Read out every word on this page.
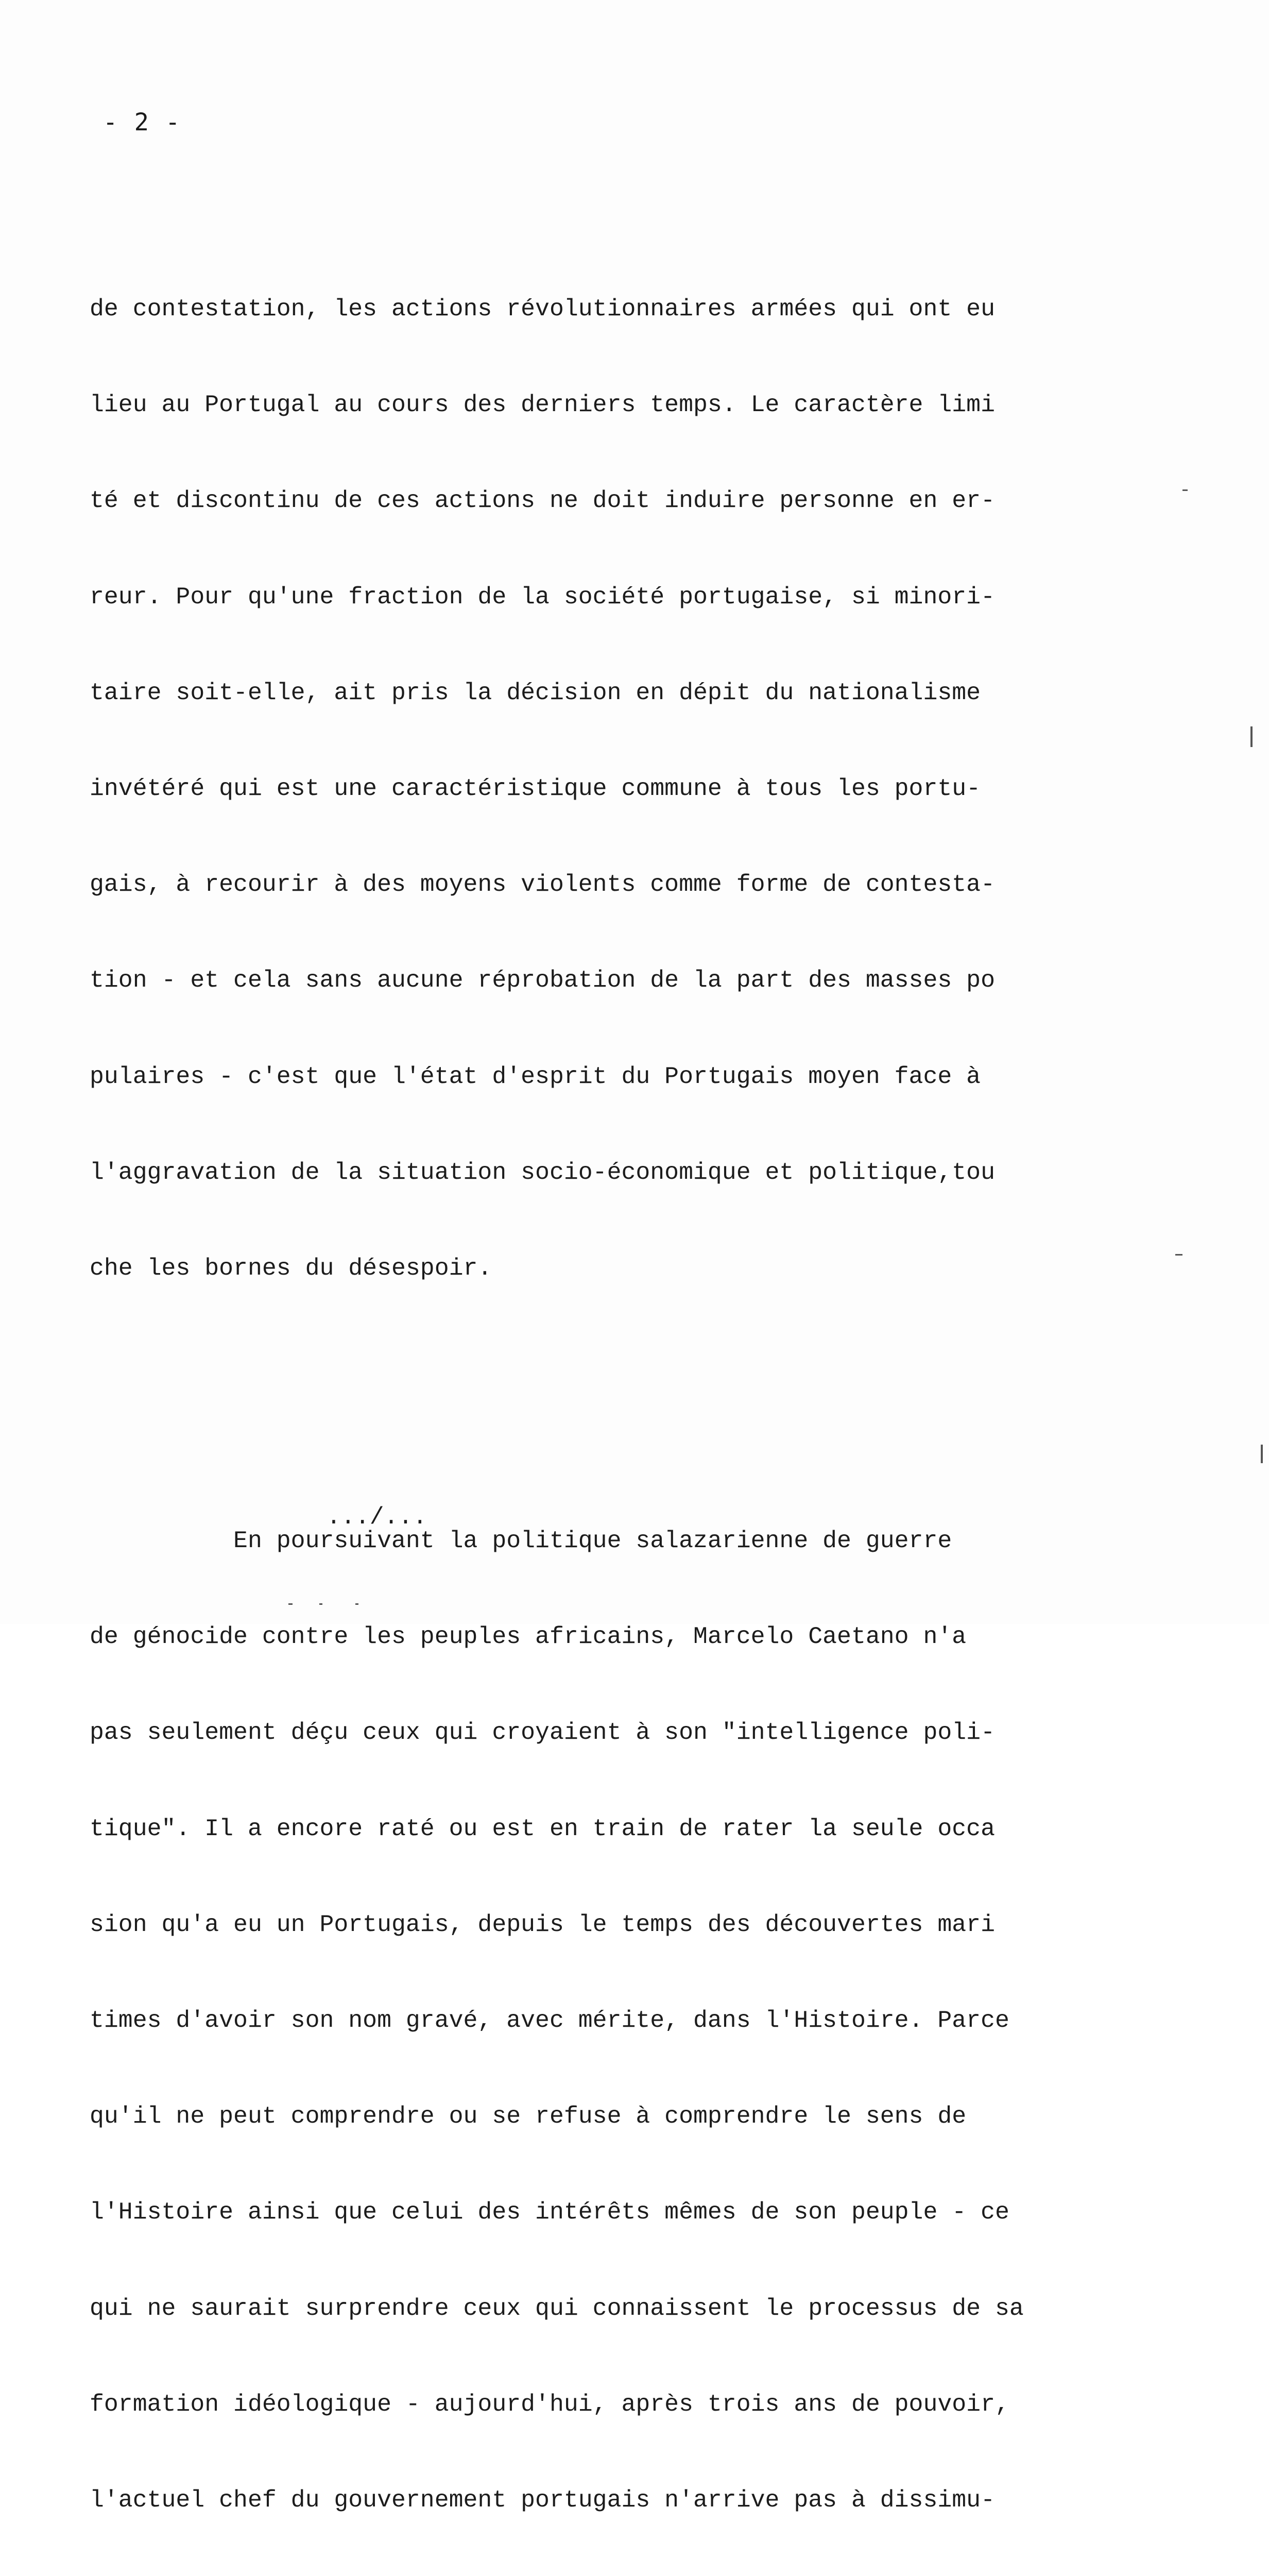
- 2 -

de contestation, les actions révolutionnaires armées qui ont eu

lieu au Portugal au cours des derniers temps. Le caractère limi

té et discontinu de ces actions ne doit induire personne en er-

reur. Pour qu'une fraction de la société portugaise, si minori-

taire soit-elle, ait pris la décision en dépit du nationalisme

invétéré qui est une caractéristique commune à tous les portu-

gais, à recourir à des moyens violents comme forme de contesta-

tion - et cela sans aucune réprobation de la part des masses po

pulaires - c'est que l'état d'esprit du Portugais moyen face à

l'aggravation de la situation socio-économique et politique,tou

che les bornes du désespoir.

En poursuivant la politique salazarienne de guerre

de génocide contre les peuples africains, Marcelo Caetano n'a

pas seulement déçu ceux qui croyaient à son "intelligence poli-

tique". Il a encore raté ou est en train de rater la seule occa

sion qu'a eu un Portugais, depuis le temps des découvertes mari

times d'avoir son nom gravé, avec mérite, dans l'Histoire. Parce

qu'il ne peut comprendre ou se refuse à comprendre le sens de

l'Histoire ainsi que celui des intérêts mêmes de son peuple - ce

qui ne saurait surprendre ceux qui connaissent le processus de sa

formation idéologique - aujourd'hui, après trois ans de pouvoir,

l'actuel chef du gouvernement portugais n'arrive pas à dissimu-

.../...
